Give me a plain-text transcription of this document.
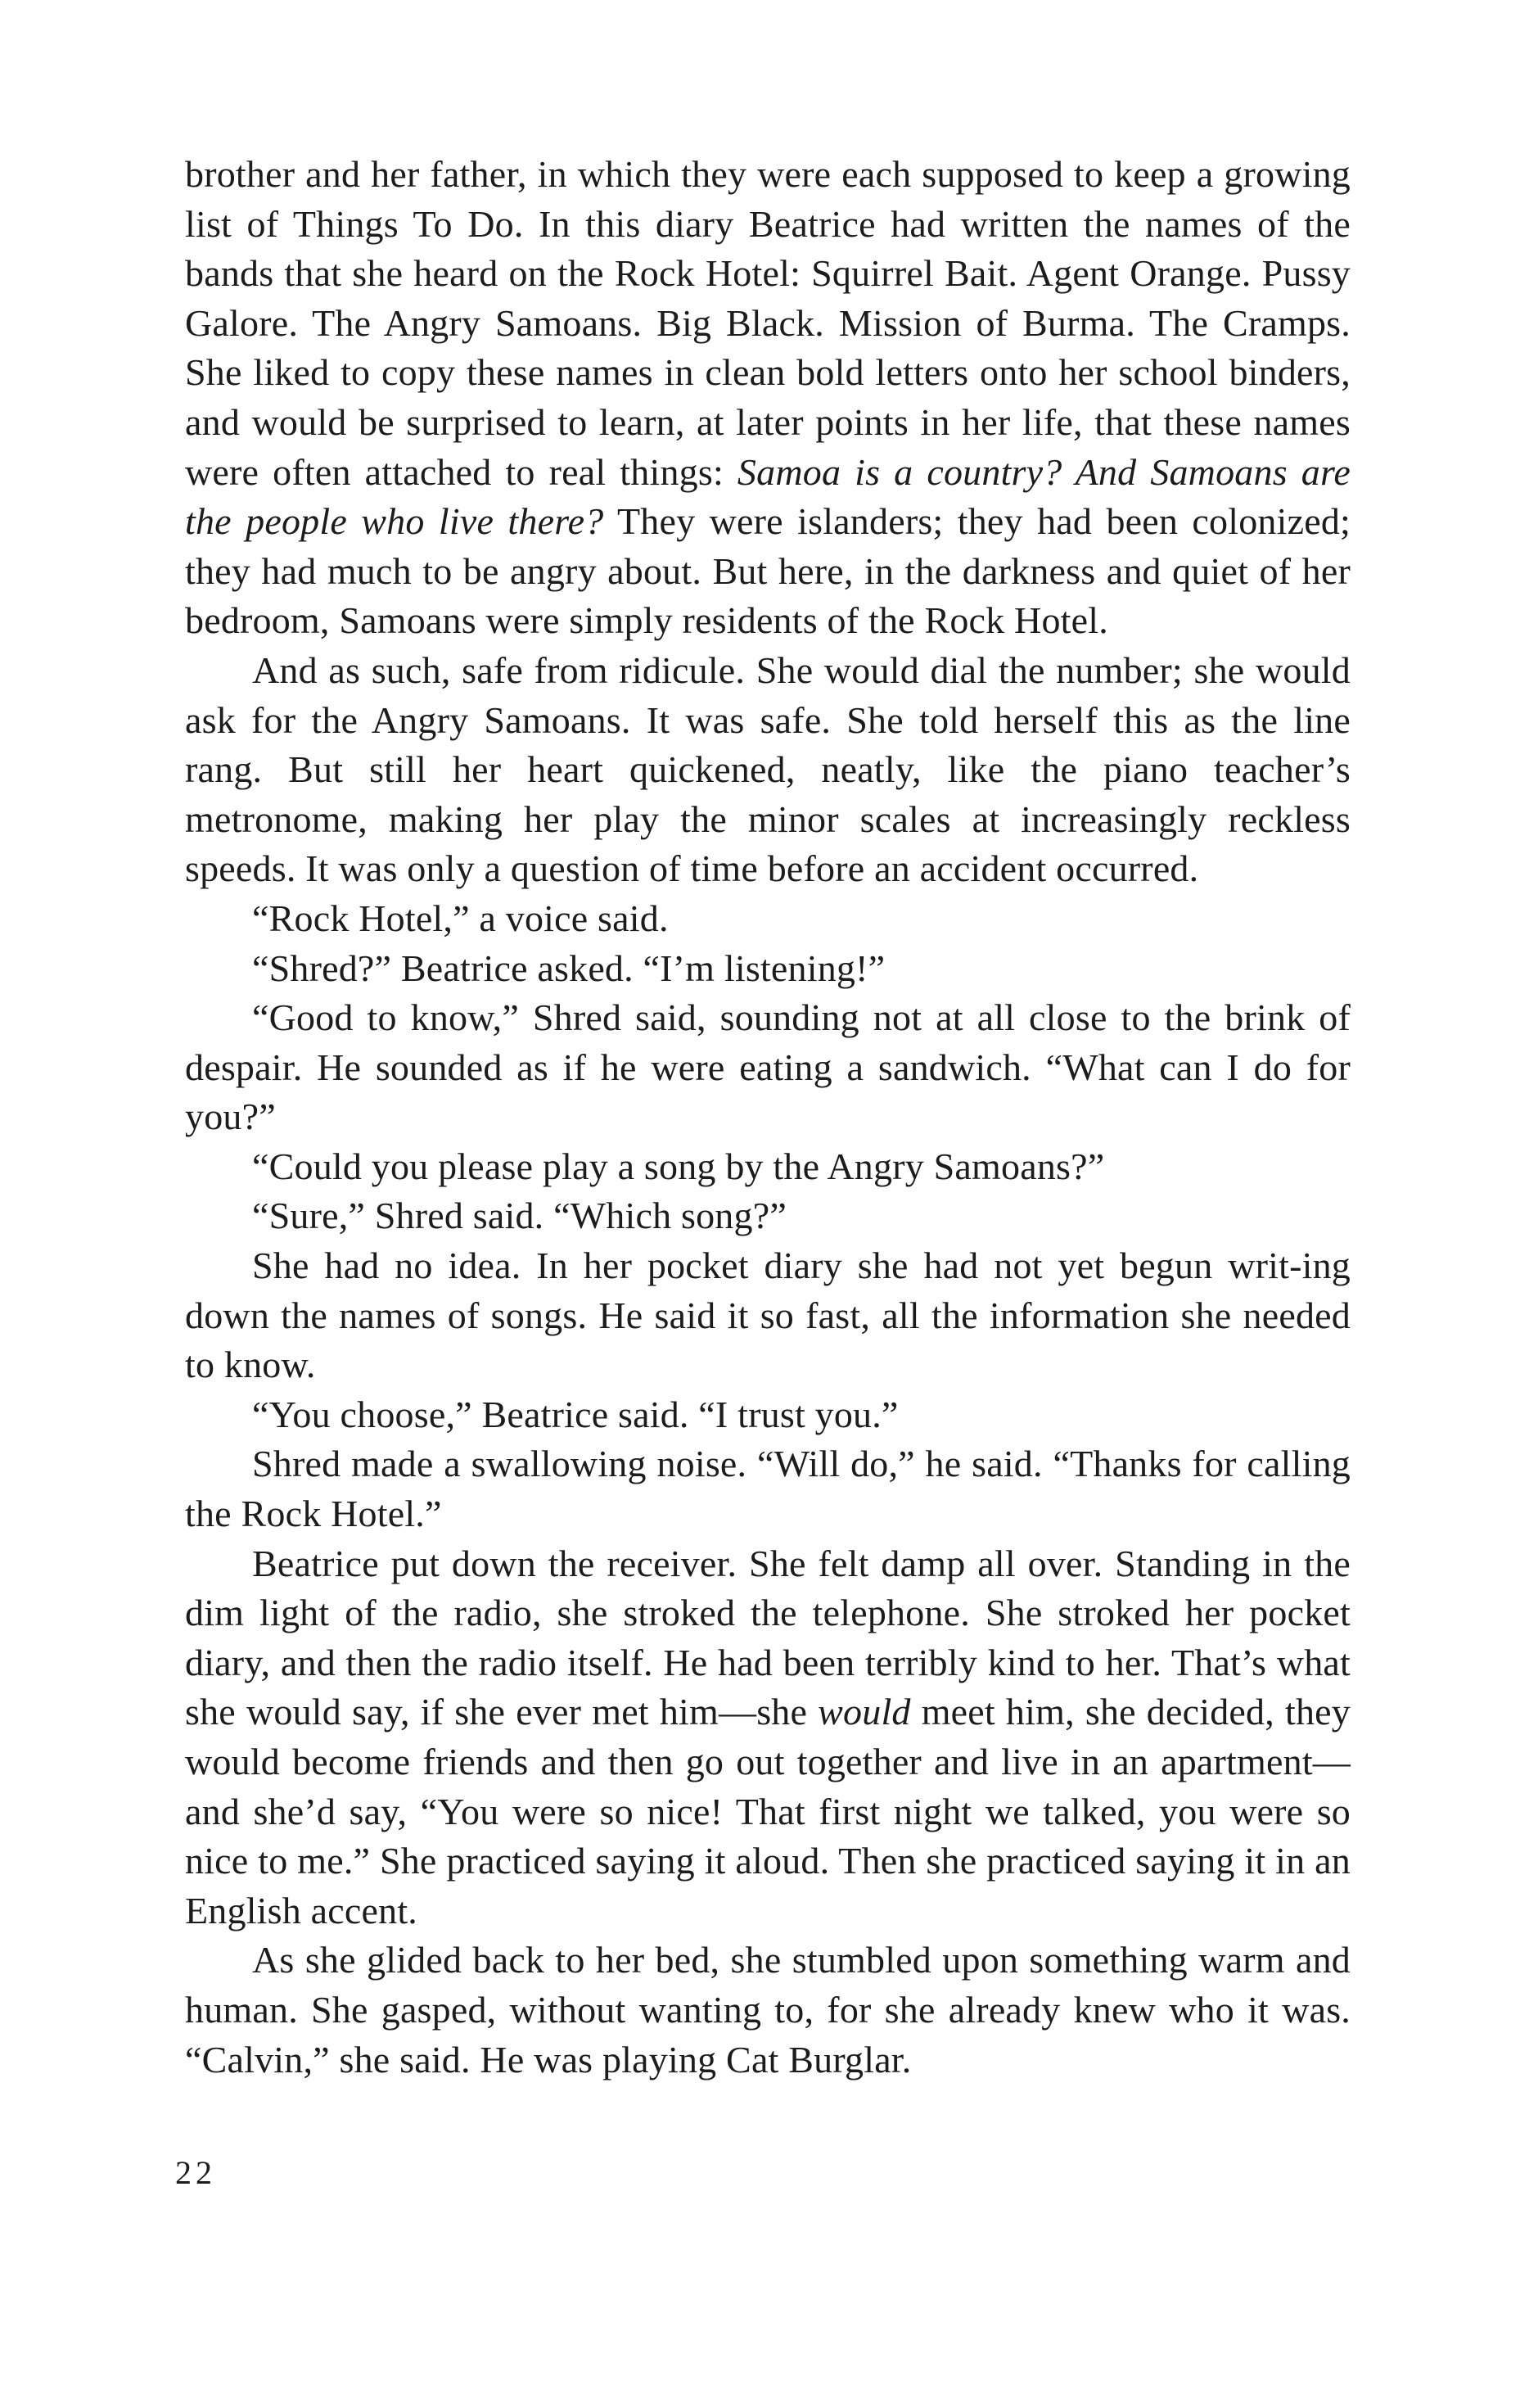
brother and her father, in which they were each supposed to keep a growing list of Things To Do. In this diary Beatrice had written the names of the bands that she heard on the Rock Hotel: Squirrel Bait. Agent Orange. Pussy Galore. The Angry Samoans. Big Black. Mission of Burma. The Cramps. She liked to copy these names in clean bold letters onto her school binders, and would be surprised to learn, at later points in her life, that these names were often attached to real things: Samoa is a country? And Samoans are the people who live there? They were islanders; they had been colonized; they had much to be angry about. But here, in the darkness and quiet of her bedroom, Samoans were simply residents of the Rock Hotel.

And as such, safe from ridicule. She would dial the number; she would ask for the Angry Samoans. It was safe. She told herself this as the line rang. But still her heart quickened, neatly, like the piano teacher’s metronome, making her play the minor scales at increasingly reckless speeds. It was only a question of time before an accident occurred.

“Rock Hotel,” a voice said.

“Shred?” Beatrice asked. “I’m listening!”

“Good to know,” Shred said, sounding not at all close to the brink of despair. He sounded as if he were eating a sandwich. “What can I do for you?”

“Could you please play a song by the Angry Samoans?”

“Sure,” Shred said. “Which song?”

She had no idea. In her pocket diary she had not yet begun writ-ing down the names of songs. He said it so fast, all the information she needed to know.

“You choose,” Beatrice said. “I trust you.”

Shred made a swallowing noise. “Will do,” he said. “Thanks for calling the Rock Hotel.”

Beatrice put down the receiver. She felt damp all over. Standing in the dim light of the radio, she stroked the telephone. She stroked her pocket diary, and then the radio itself. He had been terribly kind to her. That’s what she would say, if she ever met him—she would meet him, she decided, they would become friends and then go out together and live in an apartment—and she’d say, “You were so nice! That first night we talked, you were so nice to me.” She practiced saying it aloud. Then she practiced saying it in an English accent.

As she glided back to her bed, she stumbled upon something warm and human. She gasped, without wanting to, for she already knew who it was. “Calvin,” she said. He was playing Cat Burglar.

22
